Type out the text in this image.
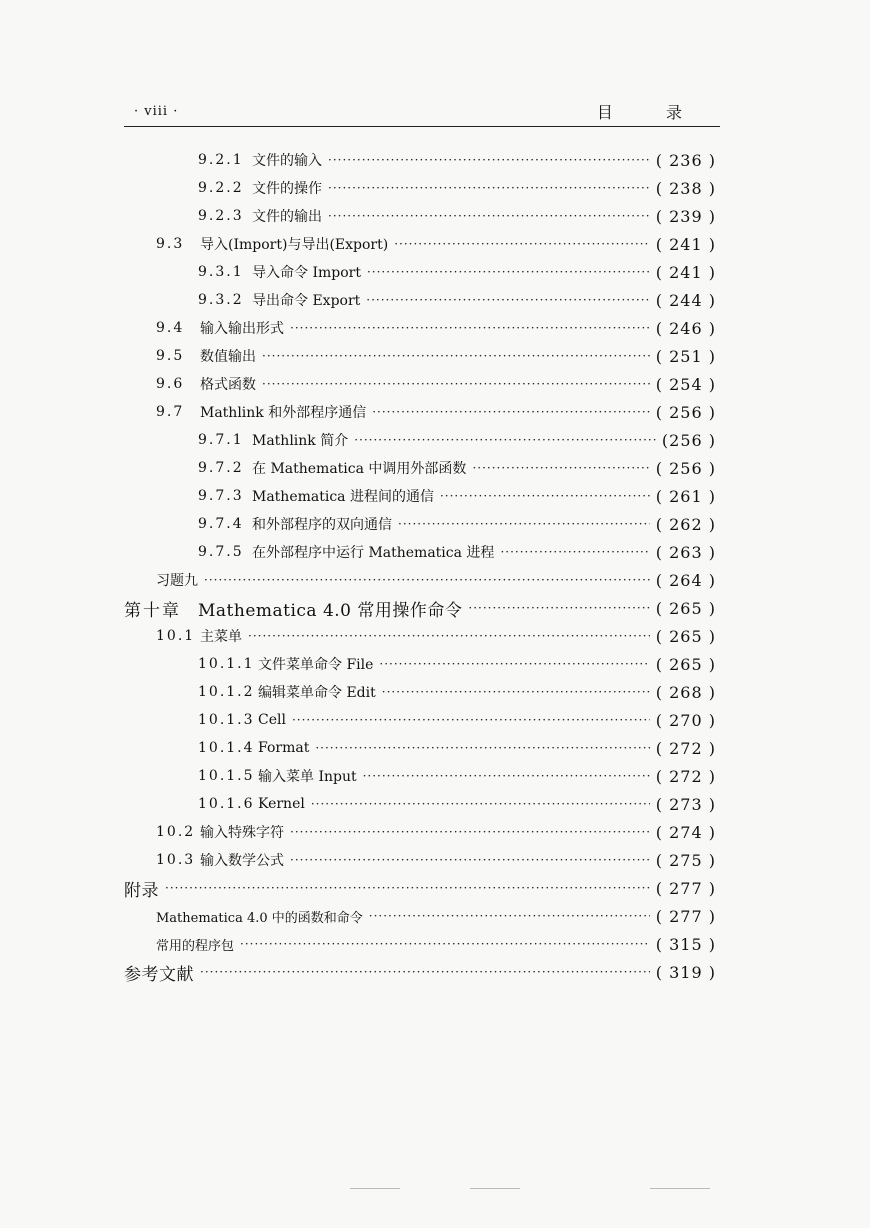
· viii ·	目 录
9.2.1 文件的输入 ·····	( 236 )
9.2.2 文件的操作 ·····	( 238 )
9.2.3 文件的输出 ·····	( 239 )
9.3	导入(Import)与导出(Export) ·····	( 241 )
9.3.1 导入命令 Import ·····	( 241 )
9.3.2 导出命令 Export ·····	( 244 )
9.4	输入输出形式 ·····	( 246 )
9.5	数值输出 ·····	( 251 )
9.6	格式函数 ·····	( 254 )
9.7	Mathlink 和外部程序通信 ·····	( 256 )
9.7.1 Mathlink 简介 ·····	(256 )
9.7.2 在 Mathematica 中调用外部函数 ·····	( 256 )
9.7.3 Mathematica 进程间的通信 ·····	( 261 )
9.7.4 和外部程序的双向通信 ·····	( 262 )
9.7.5 在外部程序中运行 Mathematica 进程 ·····	( 263 )
习题九 ·····	( 264 )
第十章	Mathematica 4.0 常用操作命令 ·····	( 265 )
10.1 主菜单 ·····	( 265 )
10.1.1 文件菜单命令 File ·····	( 265 )
10.1.2 编辑菜单命令 Edit ·····	( 268 )
10.1.3 Cell ·····	( 270 )
10.1.4 Format ·····	( 272 )
10.1.5 输入菜单 Input ·····	( 272 )
10.1.6 Kernel ·····	( 273 )
10.2 输入特殊字符 ·····	( 274 )
10.3 输入数学公式 ·····	( 275 )
附录 ·····	( 277 )
Mathematica 4.0 中的函数和命令 ·····	( 277 )
常用的程序包 ·····	( 315 )
参考文献 ·····	( 319 )
